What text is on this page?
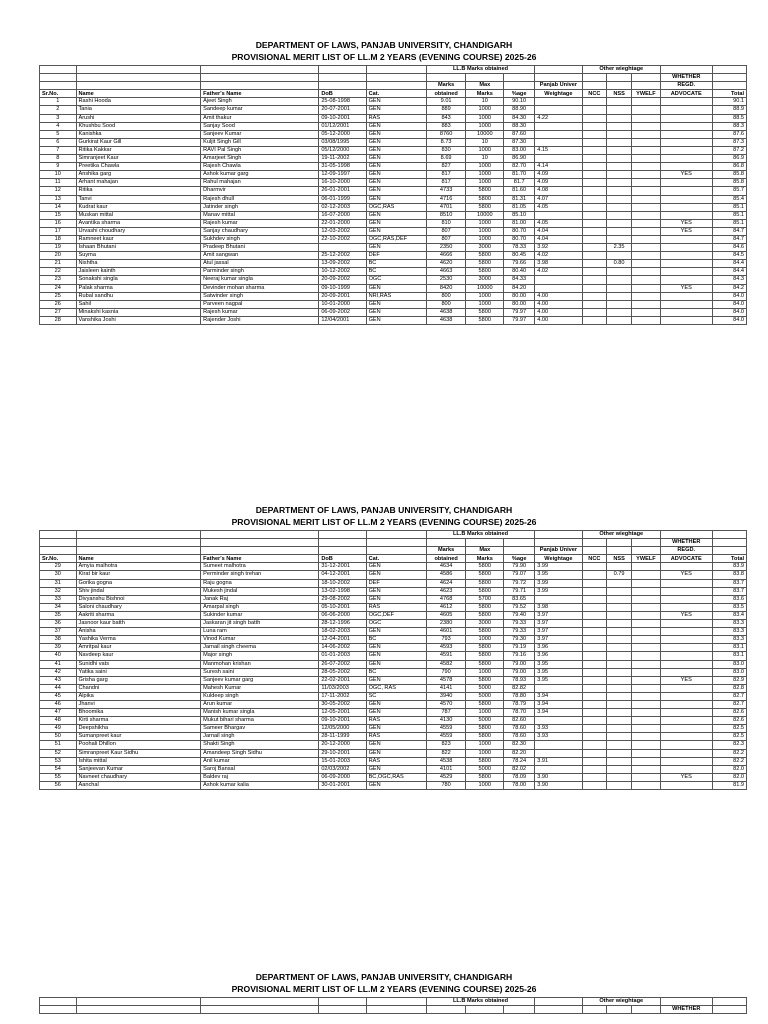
DEPARTMENT OF LAWS, PANJAB UNIVERSITY, CHANDIGARH
PROVISIONAL MERIT LIST OF LL.M 2 YEARS (EVENING COURSE) 2025-26
					LL.B Marks obtained				Other wieghtage				
												WHETHER	
					Marks	Max		Panjab Univer				REGD.	
Sr.No.	Name	Father's Name	DoB	Cat.	obtained	Marks	%age	Weightage	NCC	NSS	YWELF	ADVOCATE	Total
1	Rashi Hooda	Ajeet Singh	25-08-1998	GEN	9.01	10	90.10						90.1
2	Tania	Sandeep kumar	20-07-2001	GEN	889	1000	88.90						88.9
3	Arushi	Amit thakur	09-10-2001	RAS	843	1000	84.30	4.22					88.5
4	Khushbu Sood	Sanjay Sood	01/12/2001	GEN	883	1000	88.30						88.3
5	Kanishka	Sanjeev Kumar	05-12-2000	GEN	8760	10000	87.60						87.6
6	Gurkirat Kaur Gill	Kuljit Singh Gill	03/08/1995	GEN	8.73	10	87.30						87.3
7	Ritika Kakkar	RAVI Pal Singh	05/12/2000	GEN	830	1000	83.00	4.15					87.2
8	Simranjeet Kaur	Amarjeet Singh	19-11-2002	GEN	8.69	10	86.90						86.9
9	Preetika Chawla	Rajesh Chawla	31-05-1998	GEN	827	1000	82.70	4.14					86.8
10	Anshika garg	Ashok kumar garg	12-09-1997	GEN	817	1000	81.70	4.09				YES	85.8
11	Arhant mahajan	Rahul mahajan	16-10-2000	GEN	817	1000	81.7	4.09					85.8
12	Ritika	Dharmvir	26-01-2001	GEN	4733	5800	81.60	4.08					85.7
13	Tanvi	Rajesh dhull	06-01-1999	GEN	4716	5800	81.31	4.07					85.4
14	Kudrat kaur	Jatinder singh	02-12-2003	OGC,RAS	4701	5800	81.05	4.05					85.1
15	Muskan mittal	Manav mittal	16-07-2000	GEN	8510	10000	85.10						85.1
16	Avantika sharma	Rajesh kumar	22-01-2000	GEN	810	1000	81.00	4.05				YES	85.1
17	Urvashi choudhary	Sanjay chaudhary	12-03-2002	GEN	807	1000	80.70	4.04				YES	84.7
18	Ramneet kaur	Sukhdev singh	22-10-2002	OGC,RAS,DEF	807	1000	80.70	4.04					84.7
19	Ishaan Bhutani	Pradeep Bhutani		GEN	2350	3000	78.33	3.92		2.35			84.6
20	Suyma	Amit sangwan	25-12-2002	DEF	4666	5800	80.45	4.02					84.5
21	Nishtha	Atul jassal	13-09-2002	BC	4620	5800	79.66	3.98		0.80			84.4
22	Jaisleen kainth	Parminder singh	10-12-2002	BC	4663	5800	80.40	4.02					84.4
23	Sonakshi singla	Neeraj kumar singla	20-09-2002	OGC	2530	3000	84.33						84.3
24	Palak sharma	Devinder mohan sharma	09-10-1999	GEN	8420	10000	84.20					YES	84.2
25	Rubal sandhu	Satwinder singh	20-09-2001	NRI,RAS	800	1000	80.00	4.00					84.0
26	Sahil	Parveen nagpal	10-01-2000	GEN	800	1000	80.00	4.00					84.0
27	Minakshi kasnia	Rajesh kumar	06-09-2002	GEN	4638	5800	79.97	4.00					84.0
28	Vanshika Joshi	Rajender Joshi	12/04/2001	GEN	4638	5800	79.97	4.00					84.0
DEPARTMENT OF LAWS, PANJAB UNIVERSITY, CHANDIGARH
PROVISIONAL MERIT LIST OF LL.M 2 YEARS (EVENING COURSE) 2025-26
					LL.B Marks obtained				Other wieghtage				
												WHETHER	
					Marks	Max		Panjab Univer				REGD.	
Sr.No.	Name	Father's Name	DoB	Cat.	obtained	Marks	%age	Weightage	NCC	NSS	YWELF	ADVOCATE	Total
29	Amyia malhotra	Sumeet malhotra	31-12-2001	GEN	4634	5800	79.90	3.99					83.9
30	Kirat bir kaur	Perminder singh trehan	04-12-2001	GEN	4586	5800	79.07	3.95		0.79		YES	83.8
31	Gorika gogna	Raju gogna	18-10-2002	DEF	4624	5800	79.72	3.99					83.7
32	Shiv jindal	Mukesh jindal	13-02-1998	GEN	4623	5800	79.71	3.99					83.7
33	Divyanshu Bishnoi	Janak Raj	29-08-2002	GEN	4768	5700	83.65						83.6
34	Saloni chaudhary	Amarpal singh	05-10-2001	RAS	4612	5800	79.52	3.98					83.5
35	Aakriti sharma	Sukinder kumar	06-06-2000	OGC,DEF	4605	5800	79.40	3.97				YES	83.4
36	Jasnoor kaur batth	Jaskaran jit singh batth	28-12-1996	OGC	2380	3000	79.33	3.97					83.3
37	Anisha	Luna ram	18-02-2003	GEN	4601	5800	79.33	3.97					83.3
38	Yashika Verma	Vinod Kumar	12-04-2001	BC	793	1000	79.30	3.97					83.3
39	Amritpal kaur	Jarnail singh cheema	14-06-2002	GEN	4593	5800	79.19	3.96					83.1
40	Navdeep kaur	Major singh	01-01-2003	GEN	4591	5800	79.16	3.96					83.1
41	Sunidhi vats	Manmohan krishan	26-07-2002	GEN	4582	5800	79.00	3.95					83.0
42	Yatika saini	Suresh saini	28-05-2002	BC	790	1000	79.00	3.95					83.0
43	Grisha garg	Sanjeev kumar garg	22-02-2001	GEN	4578	5800	78.93	3.95				YES	82.9
44	Chandni	Mahesh Kumar	11/03/2003	OGC, RAS	4141	5000	82.82						82.8
45	Alpika	Kuldeep singh	17-11-2002	SC	3940	5000	78.80	3.94					82.7
46	Jhanvi	Arun kumar	30-05-2002	GEN	4570	5800	78.79	3.94					82.7
47	Bhoomika	Manish kumar singla	12-05-2001	GEN	787	1000	78.70	3.94					82.6
48	Kirti sharma	Mukut bihari sharma	09-10-2001	RAS	4130	5000	82.60						82.6
49	Deepshikha	Sameer Bhargav	12/05/2000	GEN	4559	5800	78.60	3.93					82.5
50	Sumanpreet kaur	Jarnail singh	28-11-1999	RAS	4559	5800	78.60	3.93					82.5
51	Poohali Dhillon	Shakti Singh	20-12-2000	GEN	823	1000	82.30						82.3
52	Simranpreet Kaur Sidhu	Amandeep Singh Sidhu	29-10-2001	GEN	822	1000	82.20						82.2
53	Ishita mittal	Anil kumar	15-01-2003	RAS	4538	5800	78.24	3.91					82.2
54	Sanjeevan Kumar	Saroj Bansal	02/03/2002	GEN	4101	5000	82.02						82.0
55	Navneet chaudhary	Baldev raj	06-09-2000	BC,OGC,RAS	4529	5800	78.09	3.90				YES	82.0
56	Aanchal	Ashok kumar kalia	30-01-2001	GEN	780	1000	78.00	3.90					81.9
DEPARTMENT OF LAWS, PANJAB UNIVERSITY, CHANDIGARH
PROVISIONAL MERIT LIST OF LL.M 2 YEARS (EVENING COURSE) 2025-26
					LL.B Marks obtained				Other wieghtage				
												WHETHER	
